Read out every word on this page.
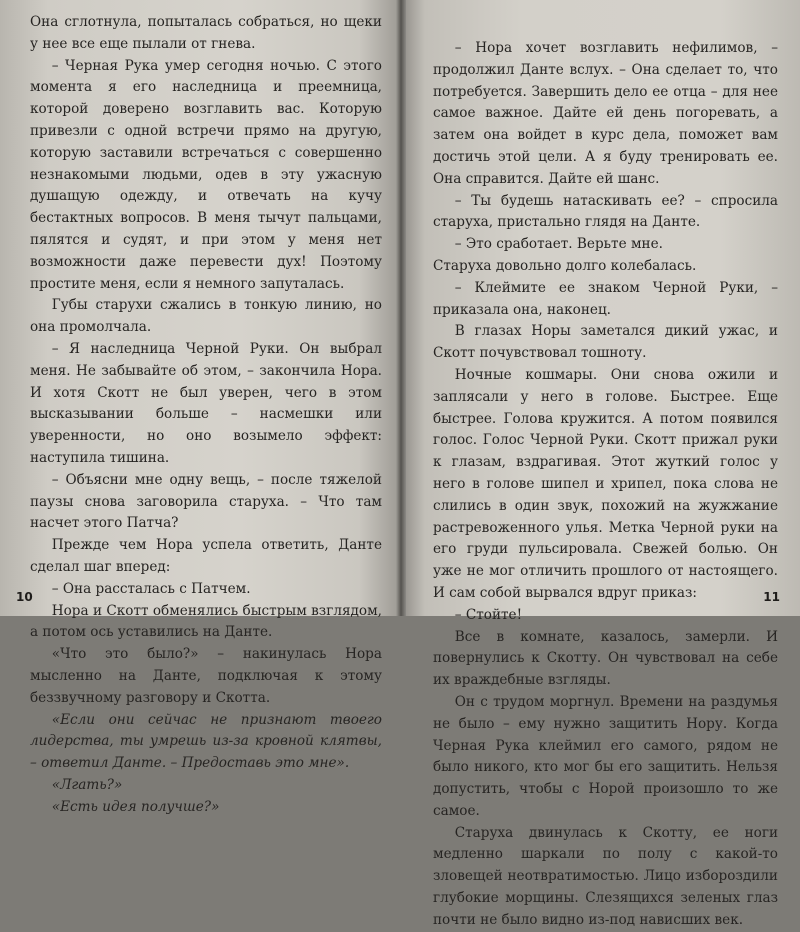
Она сглотнула, попыталась собраться, но щеки у нее все еще пылали от гнева.

– Черная Рука умер сегодня ночью. С этого момента я его наследница и преемница, которой доверено возглавить вас. Которую привезли с одной встречи прямо на другую, которую заставили встречаться с совершенно незнакомыми людьми, одев в эту ужасную душащую одежду, и отвечать на кучу бестактных вопросов. В меня тычут пальцами, пялятся и судят, и при этом у меня нет возможности даже перевести дух! Поэтому простите меня, если я немного запуталась.

Губы старухи сжались в тонкую линию, но она промолчала.

– Я наследница Черной Руки. Он выбрал меня. Не забывайте об этом, – закончила Нора. И хотя Скотт не был уверен, чего в этом высказывании больше – насмешки или уверенности, но оно возымело эффект: наступила тишина.

– Объясни мне одну вещь, – после тяжелой паузы снова заговорила старуха. – Что там насчет этого Патча?

Прежде чем Нора успела ответить, Данте сделал шаг вперед:

– Она рассталась с Патчем.

Нора и Скотт обменялись быстрым взглядом, а потом ось уставились на Данте.

«Что это было?» – накинулась Нора мысленно на Данте, подключая к этому беззвучному разговору и Скотта.

«Если они сейчас не признают твоего лидерства, ты умрешь из-за кровной клятвы, – ответил Данте. – Предоставь это мне».

«Лгать?»

«Есть идея получше?»

10

– Нора хочет возглавить нефилимов, – продолжил Данте вслух. – Она сделает то, что потребуется. Завершить дело ее отца – для нее самое важное. Дайте ей день погоревать, а затем она войдет в курс дела, поможет вам достичь этой цели. А я буду тренировать ее. Она справится. Дайте ей шанс.

– Ты будешь натаскивать ее? – спросила старуха, пристально глядя на Данте.

– Это сработает. Верьте мне.

Старуха довольно долго колебалась.

– Клеймите ее знаком Черной Руки, – приказала она, наконец.

В глазах Норы заметался дикий ужас, и Скотт почувствовал тошноту.

Ночные кошмары. Они снова ожили и заплясали у него в голове. Быстрее. Еще быстрее. Голова кружится. А потом появился голос. Голос Черной Руки. Скотт прижал руки к глазам, вздрагивая. Этот жуткий голос у него в голове шипел и хрипел, пока слова не слились в один звук, похожий на жужжание растревоженного улья. Метка Черной руки на его груди пульсировала. Свежей болью. Он уже не мог отличить прошлого от настоящего. И сам собой вырвался вдруг приказ:

– Стойте!

Все в комнате, казалось, замерли. И повернулись к Скотту. Он чувствовал на себе их враждебные взгляды.

Он с трудом моргнул. Времени на раздумья не было – ему нужно защитить Нору. Когда Черная Рука клеймил его самого, рядом не было никого, кто мог бы его защитить. Нельзя допустить, чтобы с Норой произошло то же самое.

Старуха двинулась к Скотту, ее ноги медленно шаркали по полу с какой-то зловещей неотвратимостью. Лицо избороздили глубокие морщины. Слезящихся зеленых глаз почти не было видно из-под нависших век.

11
